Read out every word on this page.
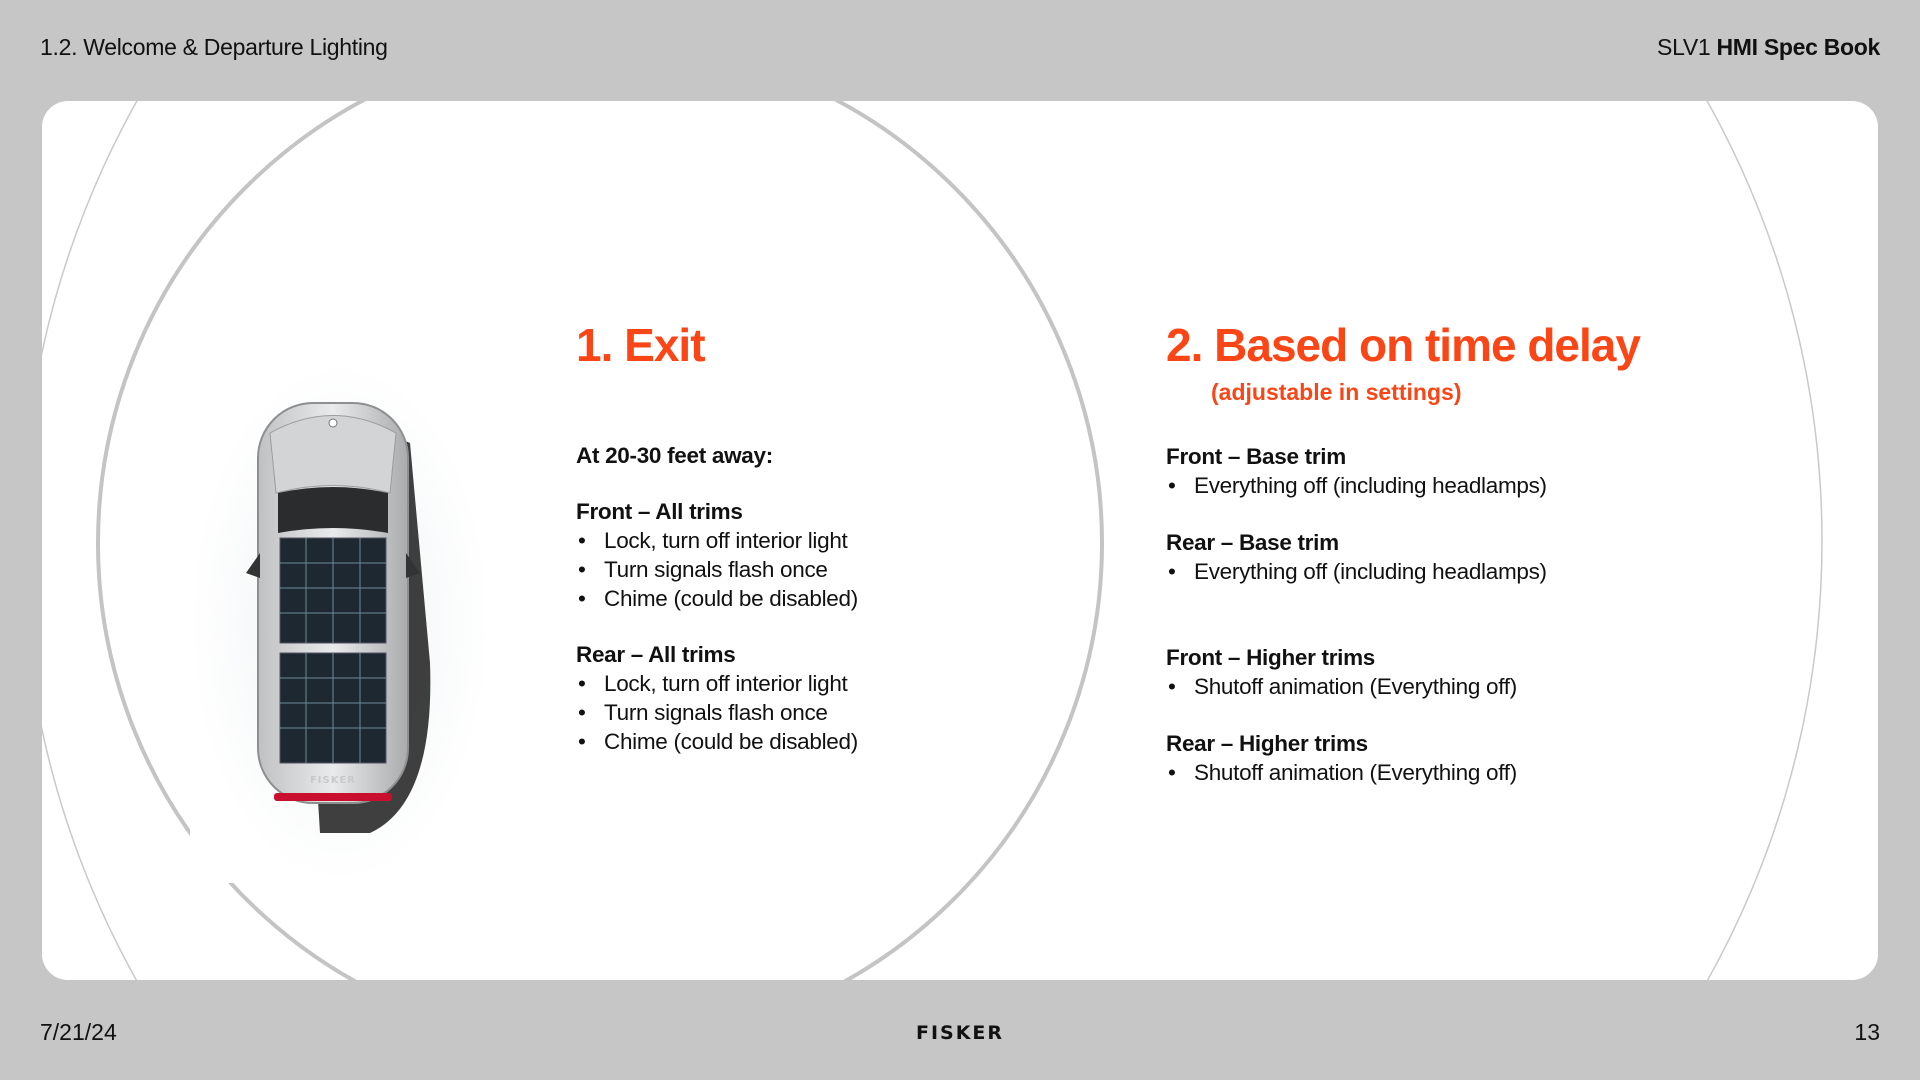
1.2. Welcome & Departure Lighting	SLV1 HMI Spec Book
FISKER
1. Exit
At 20-30 feet away:
Front – All trims
• Lock, turn off interior light
• Turn signals flash once
• Chime (could be disabled)
Rear – All trims
• Lock, turn off interior light
• Turn signals flash once
• Chime (could be disabled)
2. Based on time delay
(adjustable in settings)
Front – Base trim
• Everything off (including headlamps)
Rear – Base trim
• Everything off (including headlamps)
Front – Higher trims
• Shutoff animation (Everything off)
Rear – Higher trims
• Shutoff animation (Everything off)
7/21/24	FISKER	13
